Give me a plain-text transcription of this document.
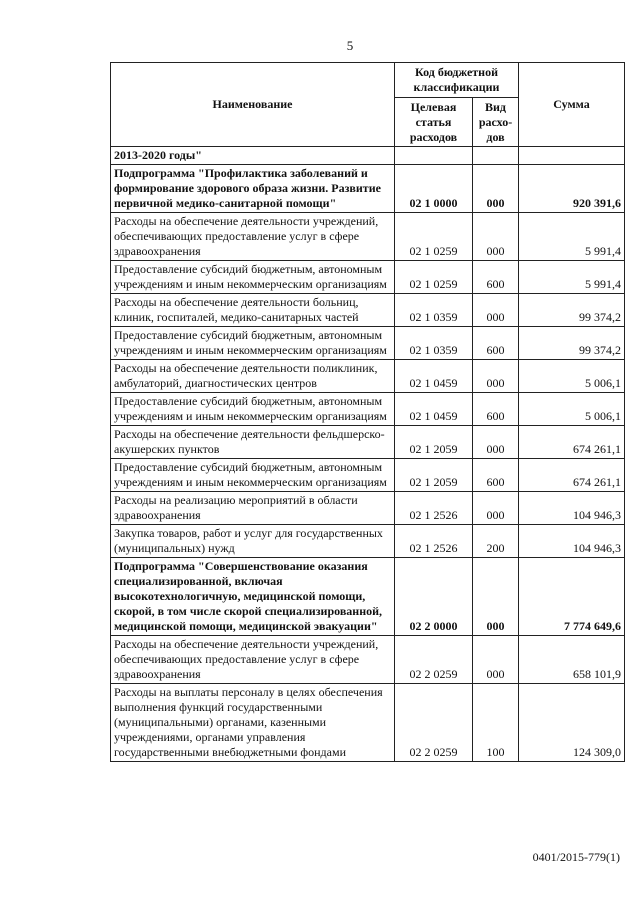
5
Наименование	Код бюджетной классификации		Сумма
	Целевая статья расходов	Вид расхо-дов	
2013-2020 годы"			
Подпрограмма "Профилактика заболеваний и формирование здорового образа жизни. Развитие первичной медико-санитарной помощи"	02 1 0000	000	920 391,6
Расходы на обеспечение деятельности учреждений, обеспечивающих предоставление услуг в сфере здравоохранения	02 1 0259	000	5 991,4
Предоставление субсидий бюджетным, автономным учреждениям и иным некоммерческим организациям	02 1 0259	600	5 991,4
Расходы на обеспечение деятельности больниц, клиник, госпиталей, медико-санитарных частей	02 1 0359	000	99 374,2
Предоставление субсидий бюджетным, автономным учреждениям и иным некоммерческим организациям	02 1 0359	600	99 374,2
Расходы на обеспечение деятельности поликлиник, амбулаторий, диагностических центров	02 1 0459	000	5 006,1
Предоставление субсидий бюджетным, автономным учреждениям и иным некоммерческим организациям	02 1 0459	600	5 006,1
Расходы на обеспечение деятельности фельдшерско-акушерских пунктов	02 1 2059	000	674 261,1
Предоставление субсидий бюджетным, автономным учреждениям и иным некоммерческим организациям	02 1 2059	600	674 261,1
Расходы на реализацию мероприятий в области здравоохранения	02 1 2526	000	104 946,3
Закупка товаров, работ и услуг для государственных (муниципальных) нужд	02 1 2526	200	104 946,3
Подпрограмма "Совершенствование оказания специализированной, включая высокотехнологичную, медицинской помощи, скорой, в том числе скорой специализированной, медицинской помощи, медицинской эвакуации"	02 2 0000	000	7 774 649,6
Расходы на обеспечение деятельности учреждений, обеспечивающих предоставление услуг в сфере здравоохранения	02 2 0259	000	658 101,9
Расходы на выплаты персоналу в целях обеспечения выполнения функций государственными (муниципальными) органами, казенными учреждениями, органами управления государственными внебюджетными фондами	02 2 0259	100	124 309,0
0401/2015-779(1)
